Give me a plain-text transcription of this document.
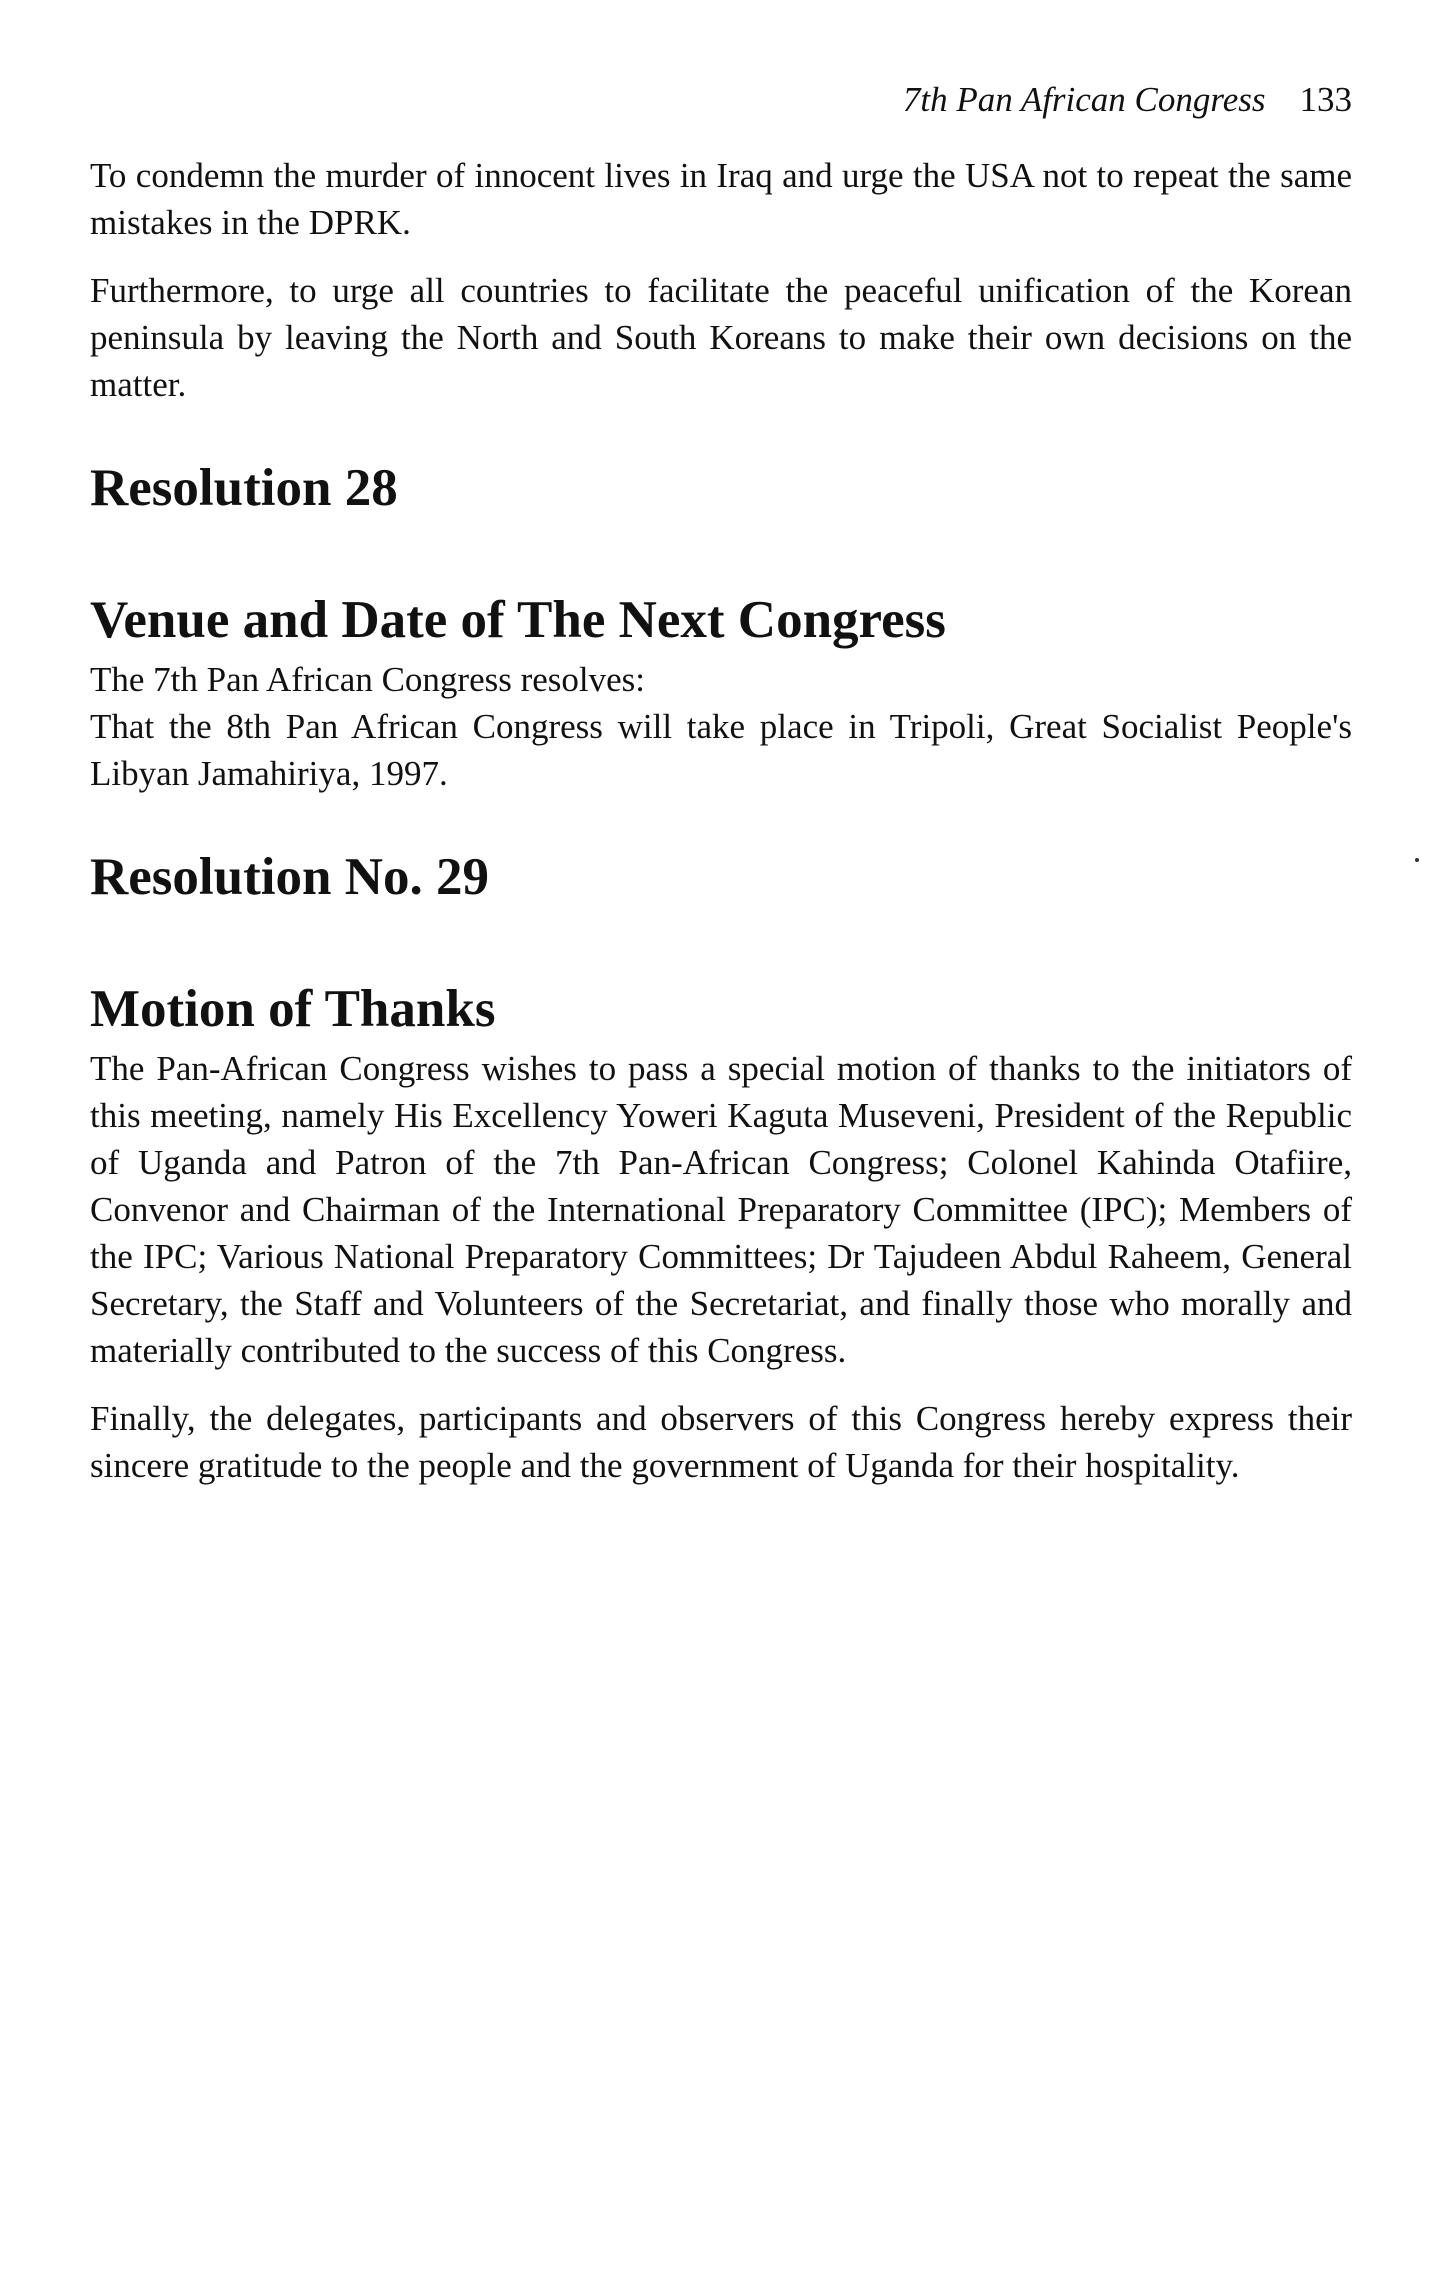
7th Pan African Congress 133

To condemn the murder of innocent lives in Iraq and urge the USA not to repeat the same mistakes in the DPRK.

Furthermore, to urge all countries to facilitate the peaceful unification of the Korean peninsula by leaving the North and South Koreans to make their own decisions on the matter.

Resolution 28
Venue and Date of The Next Congress

The 7th Pan African Congress resolves:

That the 8th Pan African Congress will take place in Tripoli, Great Socialist People's Libyan Jamahiriya, 1997.

Resolution No. 29
Motion of Thanks

The Pan-African Congress wishes to pass a special motion of thanks to the initiators of this meeting, namely His Excellency Yoweri Kaguta Museveni, President of the Republic of Uganda and Patron of the 7th Pan-African Congress; Colonel Kahinda Otafiire, Convenor and Chairman of the International Preparatory Committee (IPC); Members of the IPC; Various National Preparatory Committees; Dr Tajudeen Abdul Raheem, General Secretary, the Staff and Volunteers of the Secretariat, and finally those who morally and materially contributed to the success of this Congress.

Finally, the delegates, participants and observers of this Congress hereby express their sincere gratitude to the people and the government of Uganda for their hospitality.
